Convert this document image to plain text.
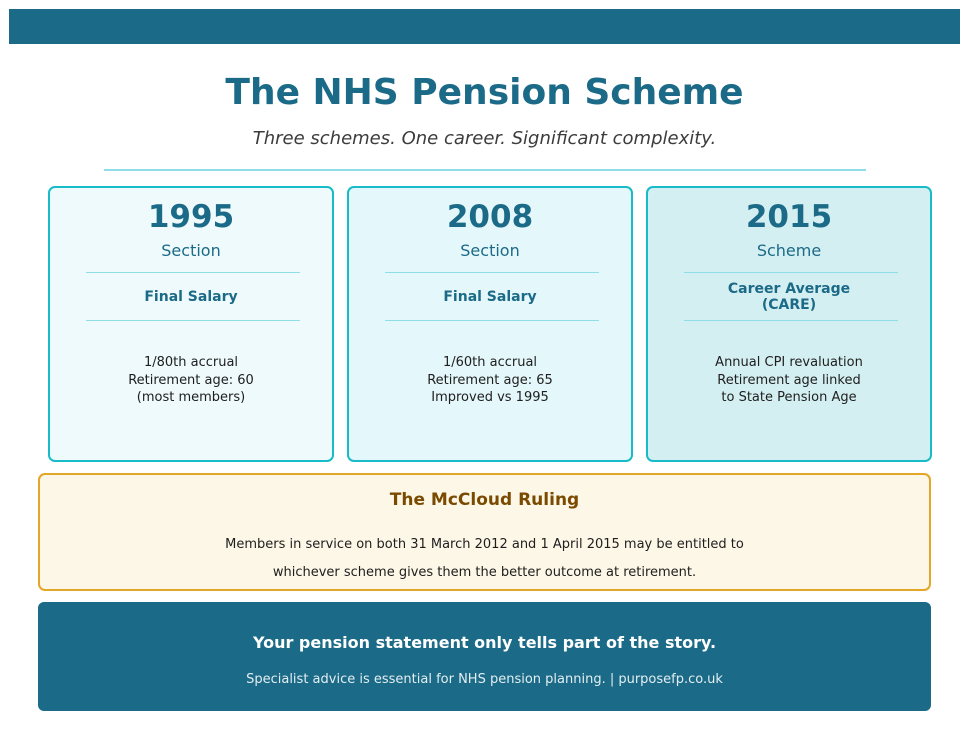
The NHS Pension Scheme
Three schemes. One career. Significant complexity.
1995
Section
Final Salary
1/80th accrual
Retirement age: 60
(most members)
2008
Section
Final Salary
1/60th accrual
Retirement age: 65
Improved vs 1995
2015
Scheme
Career Average (CARE)
Annual CPI revaluation
Retirement age linked
to State Pension Age
The McCloud Ruling
Members in service on both 31 March 2012 and 1 April 2015 may be entitled to
whichever scheme gives them the better outcome at retirement.
Your pension statement only tells part of the story.
Specialist advice is essential for NHS pension planning. | purposefp.co.uk
